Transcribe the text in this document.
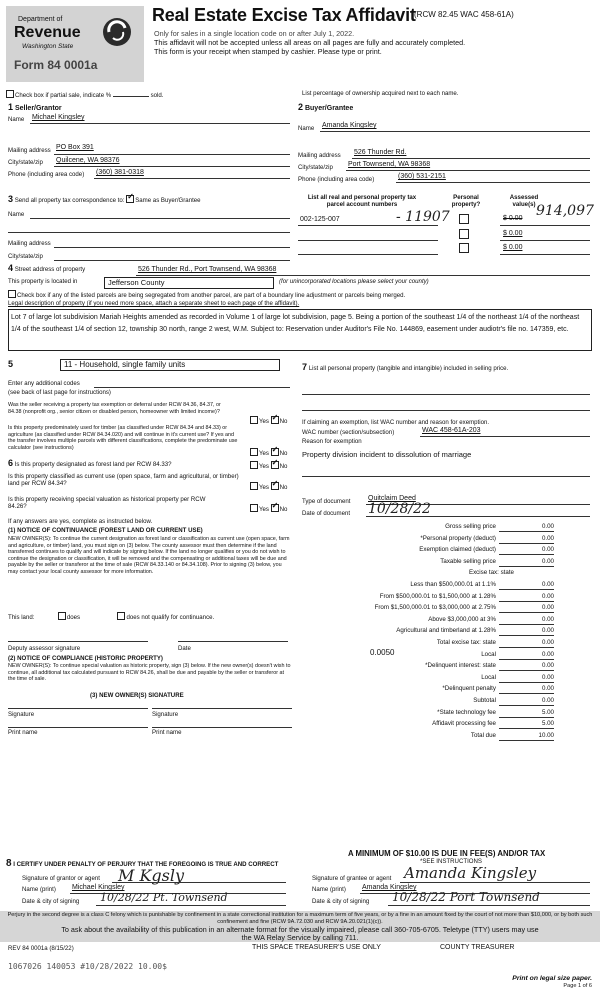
Department of
Revenue
Washington State
Form 84 0001a
Real Estate Excise Tax Affidavit
(RCW 82.45 WAC 458-61A)
Only for sales in a single location code on or after July 1, 2022.
This affidavit will not be accepted unless all areas on all pages are fully and accurately completed.
This form is your receipt when stamped by cashier. Please type or print.
Check box if partial sale, indicate %	sold.	List percentage of ownership acquired next to each name.
1 Seller/Grantor
Name Michael Kingsley
Mailing address PO Box 391
City/state/zip Quilcene, WA 98376
Phone (including area code) (360) 381-0318
2 Buyer/Grantee
Name Amanda Kingsley
Mailing address 526 Thunder Rd.
City/state/zip Port Townsend, WA 98368
Phone (including area code)	(360) 531-2151
3 Send all property tax correspondence to: ✓ Same as Buyer/Grantee
Name
Mailing address
City/state/zip
List all real and personal property tax parcel account numbers
Personal property?
Assessed value(s)
002-125-007	- 11907	$ 0.00 914,097
$ 0.00
$ 0.00
4 Street address of property	526 Thunder Rd., Port Townsend, WA 98368
This property is located in	Jefferson County	(for unincorporated locations please select your county)
Check box if any of the listed parcels are being segregated from another parcel, are part of a boundary line adjustment or parcels being merged.
Legal description of property (if you need more space, attach a separate sheet to each page of the affidavit).
Lot 7 of large lot subdivision Mariah Heights amended as recorded in Volume 1 of large lot subdivision, page 5. Being a portion of the southeast 1/4 of the northeast 1/4 of the northeast 1/4 of the southeast 1/4 of section 12, township 30 north, range 2 west, W.M. Subject to: Reservation under Auditor's File No. 144869, easement under audiotr's file no. 147359, etc.
5	11 - Household, single family units
Enter any additional codes
(see back of last page for instructions)
Was the seller receiving a property tax exemption or deferral under RCW 84.36, 84.37, or 84.38 (nonprofit org., senior citizen or disabled person, homeowner with limited income)?
Yes ✓ No
Is this property predominately used for timber (as classified under RCW 84.34 and 84.33) or agriculture (as classified under RCW 84.34.020) and will continue in it's current use? If yes and the transfer involves multiple parcels with different classifications, complete the predominate use calculator (see instructions)
Yes ✓ No
6 Is this property designated as forest land per RCW 84.33?	Yes ✓ No
Is this property classified as current use (open space, farm and agricultural, or timber) land per RCW 84.34?
Yes ✓ No
Is this property receiving special valuation as historical property per RCW 84.26?	Yes ✓ No
If any answers are yes, complete as instructed below.
(1) NOTICE OF CONTINUANCE (FOREST LAND OR CURRENT USE)
NEW OWNER(S): To continue the current designation as forest land or classification as current use (open space, farm and agriculture, or timber) land, you must sign on (3) below. The county assessor must then determine if the land transferred continues to qualify and will indicate by signing below. If the land no longer qualifies or you do not wish to continue the designation or classification, it will be removed and the compensating or additional taxes will be due and payable by the seller or transferor at the time of sale (RCW 84.33.140 or 84.34.108). Prior to signing (3) below, you may contact your local county assessor for more information.
This land:	does	does not qualify for continuance.
Deputy assessor signature	Date
(2) NOTICE OF COMPLIANCE (HISTORIC PROPERTY)
NEW OWNER(S): To continue special valuation as historic property, sign (3) below. If the new owner(s) doesn't wish to continue, all additional tax calculated pursuant to RCW 84.26, shall be due and payable by the seller or transferor at the time of sale.
(3) NEW OWNER(S) SIGNATURE
Signature	Signature
Print name	Print name
7 List all personal property (tangible and intangible) included in selling price.
If claiming an exemption, list WAC number and reason for exemption.
WAC number (section/subsection)	WAC 458-61A-203
Reason for exemption
Property division incident to dissolution of marriage
Type of document	Quitclaim Deed
Date of document 10/28/22
Gross selling price	0.00
*Personal property (deduct)	0.00
Exemption claimed (deduct)	0.00
Taxable selling price	0.00
Excise tax: state
Less than $500,000.01 at 1.1%	0.00
From $500,000.01 to $1,500,000 at 1.28%	0.00
From $1,500,000.01 to $3,000,000 at 2.75%	0.00
Above $3,000,000 at 3%	0.00
Agricultural and timberland at 1.28%	0.00
Total excise tax: state	0.00
Local	0.00
*Delinquent interest: state	0.00
Local	0.00
*Delinquent penalty	0.00
Subtotal	0.00
*State technology fee	5.00
Affidavit processing fee	5.00
Total due	10.00
0.0050
A MINIMUM OF $10.00 IS DUE IN FEE(S) AND/OR TAX
*SEE INSTRUCTIONS
8 I CERTIFY UNDER PENALTY OF PERJURY THAT THE FOREGOING IS TRUE AND CORRECT
Signature of grantor or agent M Kgsly
Name (print) Michael Kingsley
Date & city of signing 10/28/22 Pt. Townsend
Signature of grantee or agent Amanda Kingsley
Name (print) Amanda Kingsley
Date & city of signing 10/28/22 Port Townsend
Perjury in the second degree is a class C felony which is punishable by confinement in a state correctional institution for a maximum term of five years, or by a fine in an amount fixed by the court of not more than $10,000, or by both such confinement and fine (RCW 9A.72.030 and RCW 9A.20.021(1)(c)).
To ask about the availability of this publication in an alternate format for the visually impaired, please call 360-705-6705. Teletype (TTY) users may use the WA Relay Service by calling 711.
REV 84 0001a (8/15/22)	THIS SPACE TREASURER'S USE ONLY	COUNTY TREASURER
1067026 140053 #10/28/2022 10.00$
Print on legal size paper.
Page 1 of 6
